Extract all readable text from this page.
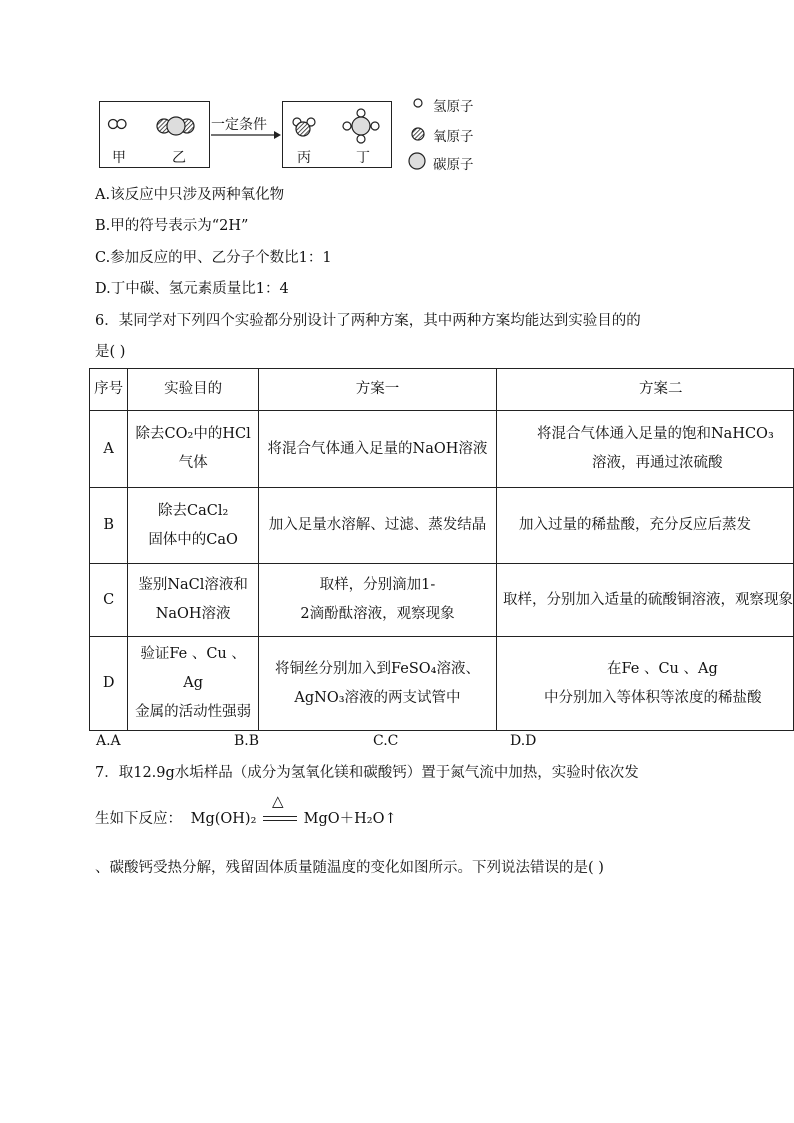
甲	乙
一定条件
丙	丁
氢原子
氧原子
碳原子
A.该反应中只涉及两种氧化物
B.甲的符号表示为“2H”
C.参加反应的甲、乙分子个数比1：1
D.丁中碳、氢元素质量比1：4
6．某同学对下列四个实验都分别设计了两种方案，其中两种方案均能达到实验目的的
是( )
序号	实验目的	方案一	方案二
A	除去CO₂中的HCl
气体	将混合气体通入足量的NaOH溶液	将混合气体通入足量的饱和NaHCO₃
溶液，再通过浓硫酸

B	除去CaCl₂
固体中的CaO	加入足量水溶解、过滤、蒸发结晶	加入过量的稀盐酸，充分反应后蒸发

C	鉴别NaCl溶液和
NaOH溶液	取样，分别滴加1-
2滴酚酞溶液，观察现象	取样，分别加入适量的硫酸铜溶液，观察现象

D	验证Fe 、Cu 、
Ag
金属的活动性强弱	将铜丝分别加入到FeSO₄溶液、
AgNO₃溶液的两支试管中	在Fe 、Cu 、Ag
中分别加入等体积等浓度的稀盐酸
A.A	B.B	C.C	D.D
7．取12.9g水垢样品（成分为氢氧化镁和碳酸钙）置于氮气流中加热，实验时依次发
生如下反应： Mg(OH)₂
△
MgO＋H₂O↑
、碳酸钙受热分解，残留固体质量随温度的变化如图所示。下列说法错误的是( )
